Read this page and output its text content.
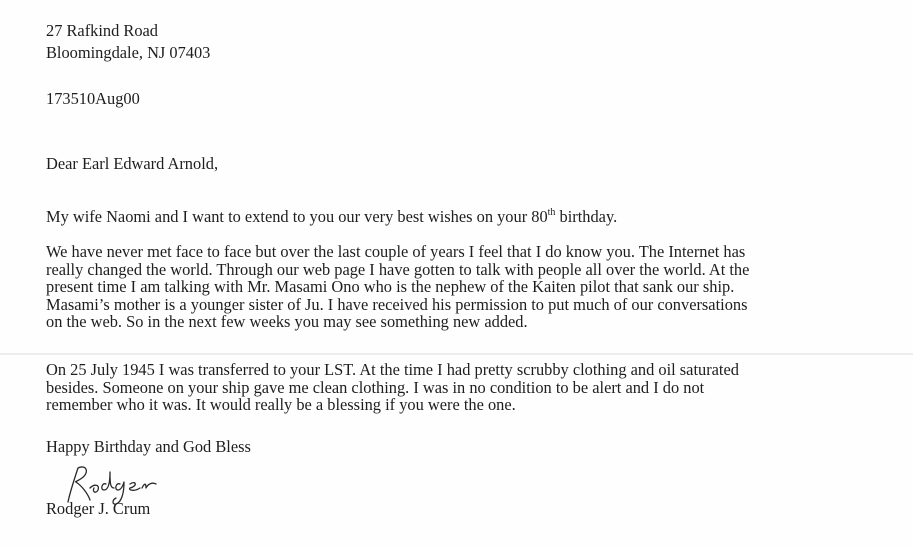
27 Rafkind Road
Bloomingdale, NJ 07403
173510Aug00
Dear Earl Edward Arnold,
My wife Naomi and I want to extend to you our very best wishes on your 80th birthday.
We have never met face to face but over the last couple of years I feel that I do know you. The Internet has
really changed the world. Through our web page I have gotten to talk with people all over the world. At the
present time I am talking with Mr. Masami Ono who is the nephew of the Kaiten pilot that sank our ship.
Masami’s mother is a younger sister of Ju. I have received his permission to put much of our conversations
on the web. So in the next few weeks you may see something new added.
On 25 July 1945 I was transferred to your LST. At the time I had pretty scrubby clothing and oil saturated
besides. Someone on your ship gave me clean clothing. I was in no condition to be alert and I do not
remember who it was. It would really be a blessing if you were the one.
Happy Birthday and God Bless
Rodger J. Crum
